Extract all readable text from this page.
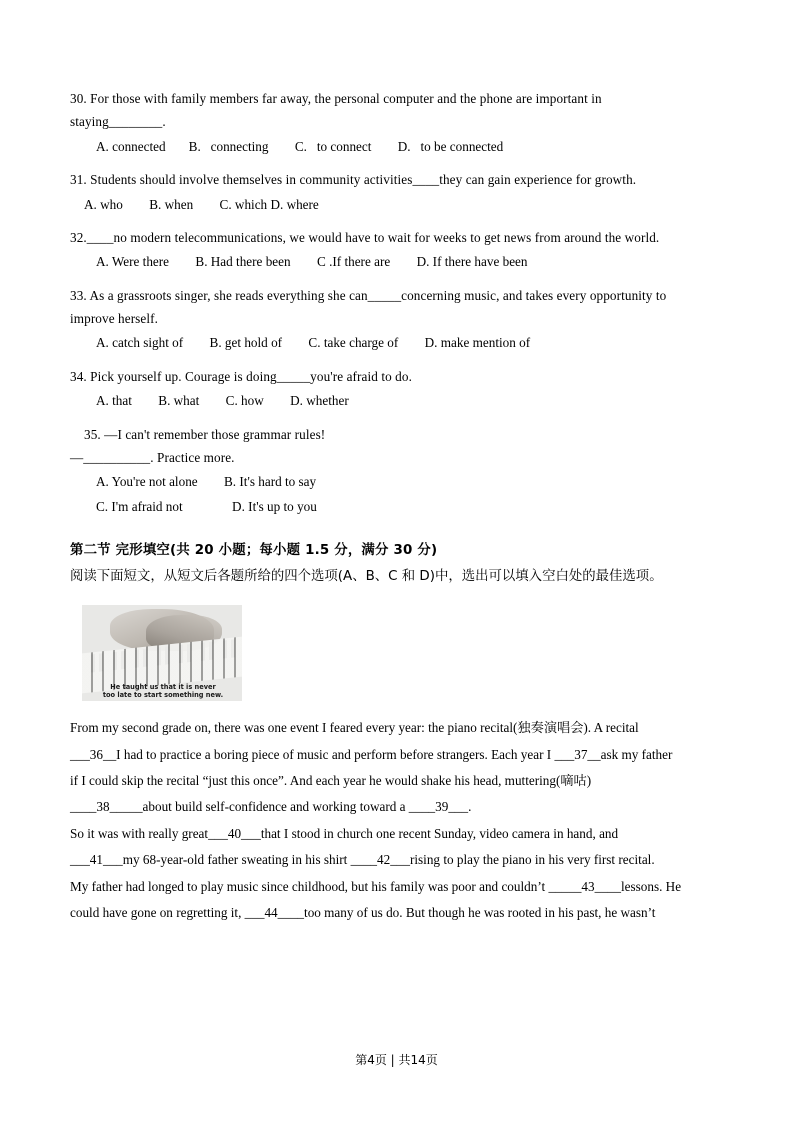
30. For those with family members far away, the personal computer and the phone are important in
staying________.
A. connected       B.   connecting        C.   to connect        D.   to be connected
31. Students should involve themselves in community activities____they can gain experience for growth.
A. who        B. when        C. which D. where
32.____no modern telecommunications, we would have to wait for weeks to get news from around the world.
A. Were there        B. Had there been        C .If there are        D. If there have been
33. As a grassroots singer, she reads everything she can_____concerning music, and takes every opportunity to
improve herself.
A. catch sight of        B. get hold of        C. take charge of        D. make mention of
34. Pick yourself up. Courage is doing_____you're afraid to do.
A. that        B. what        C. how        D. whether
35. —I can't remember those grammar rules!
—__________. Practice more.
A. You're not alone        B. It's hard to say
C. I'm afraid not               D. It's up to you
第二节 完形填空(共 20 小题；每小题 1.5 分，满分 30 分)
阅读下面短文，从短文后各题所给的四个选项(A、B、C 和 D)中，选出可以填入空白处的最佳选项。
He taught us that it is never
too late to start something new.

From my second grade on, there was one event I feared every year: the piano recital(独奏演唱会). A recital

___36__I had to practice a boring piece of music and perform before strangers. Each year I ___37__ask my father

if I could skip the recital “just this once”. And each year he would shake his head, muttering(嘀咕)

____38_____about build self-confidence and working toward a ____39___.

So it was with really great___40___that I stood in church one recent Sunday, video camera in hand, and

___41___my 68-year-old father sweating in his shirt ____42___rising to play the piano in his very first recital.

My father had longed to play music since childhood, but his family was poor and couldn’t _____43____lessons. He

could have gone on regretting it, ___44____too many of us do. But though he was rooted in his past, he wasn’t

第4页 | 共14页
